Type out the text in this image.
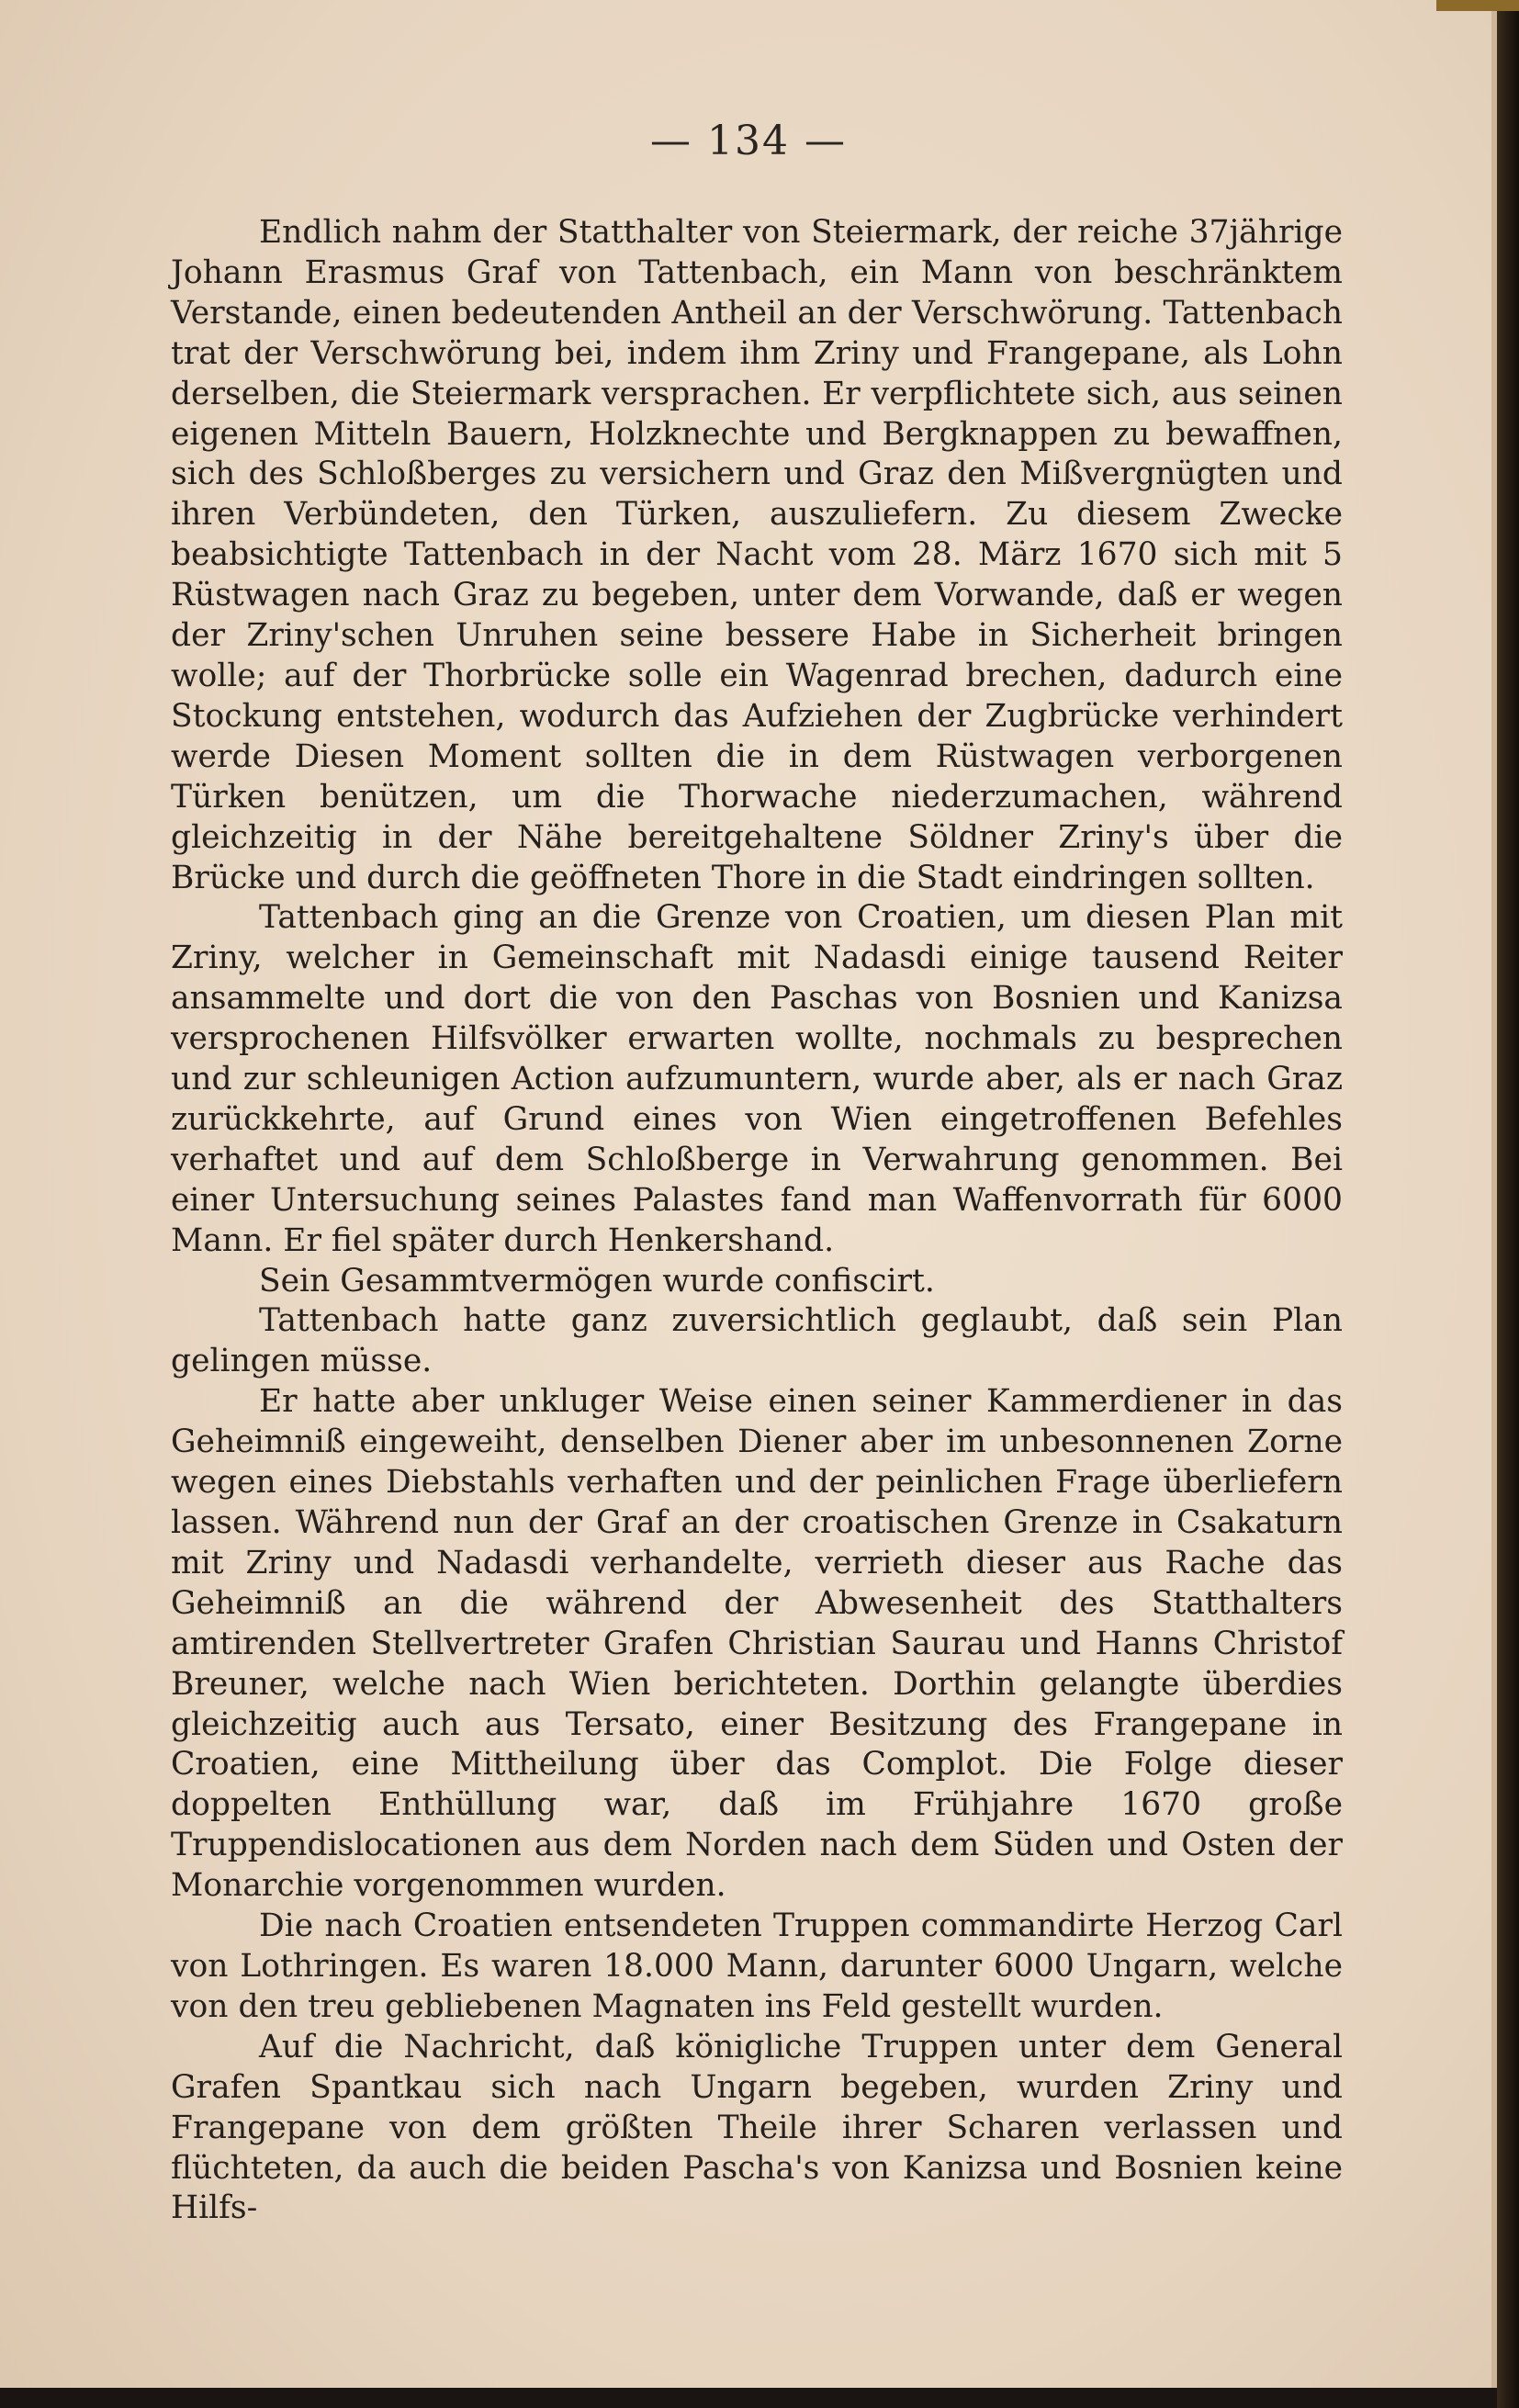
— 134 —

Endlich nahm der Statthalter von Steiermark, der reiche 37jährige Johann Erasmus Graf von Tattenbach, ein Mann von beschränktem Verstande, einen bedeutenden Antheil an der Verschwörung. Tattenbach trat der Verschwörung bei, indem ihm Zriny und Frangepane, als Lohn derselben, die Steiermark versprachen. Er verpflichtete sich, aus seinen eigenen Mitteln Bauern, Holzknechte und Bergknappen zu bewaffnen, sich des Schloßberges zu versichern und Graz den Mißvergnügten und ihren Verbündeten, den Türken, auszuliefern. Zu diesem Zwecke beabsichtigte Tattenbach in der Nacht vom 28. März 1670 sich mit 5 Rüstwagen nach Graz zu begeben, unter dem Vorwande, daß er wegen der Zriny'schen Unruhen seine bessere Habe in Sicherheit bringen wolle; auf der Thorbrücke solle ein Wagenrad brechen, dadurch eine Stockung entstehen, wodurch das Aufziehen der Zugbrücke verhindert werde Diesen Moment sollten die in dem Rüstwagen verborgenen Türken benützen, um die Thorwache niederzumachen, während gleichzeitig in der Nähe bereitgehaltene Söldner Zriny's über die Brücke und durch die geöffneten Thore in die Stadt eindringen sollten.

Tattenbach ging an die Grenze von Croatien, um diesen Plan mit Zriny, welcher in Gemeinschaft mit Nadasdi einige tausend Reiter ansammelte und dort die von den Paschas von Bosnien und Kanizsa versprochenen Hilfsvölker erwarten wollte, nochmals zu besprechen und zur schleunigen Action aufzumuntern, wurde aber, als er nach Graz zurückkehrte, auf Grund eines von Wien eingetroffenen Befehles verhaftet und auf dem Schloßberge in Verwahrung genommen. Bei einer Untersuchung seines Palastes fand man Waffenvorrath für 6000 Mann. Er fiel später durch Henkershand.

Sein Gesammtvermögen wurde confiscirt.

Tattenbach hatte ganz zuversichtlich geglaubt, daß sein Plan gelingen müsse.

Er hatte aber unkluger Weise einen seiner Kammerdiener in das Geheimniß eingeweiht, denselben Diener aber im unbesonnenen Zorne wegen eines Diebstahls verhaften und der peinlichen Frage überliefern lassen. Während nun der Graf an der croatischen Grenze in Csakaturn mit Zriny und Nadasdi verhandelte, verrieth dieser aus Rache das Geheimniß an die während der Abwesenheit des Statthalters amtirenden Stellvertreter Grafen Christian Saurau und Hanns Christof Breuner, welche nach Wien berichteten. Dorthin gelangte überdies gleichzeitig auch aus Tersato, einer Besitzung des Frangepane in Croatien, eine Mittheilung über das Complot. Die Folge dieser doppelten Enthüllung war, daß im Frühjahre 1670 große Truppendislocationen aus dem Norden nach dem Süden und Osten der Monarchie vorgenommen wurden.

Die nach Croatien entsendeten Truppen commandirte Herzog Carl von Lothringen. Es waren 18.000 Mann, darunter 6000 Ungarn, welche von den treu gebliebenen Magnaten ins Feld gestellt wurden.

Auf die Nachricht, daß königliche Truppen unter dem General Grafen Spantkau sich nach Ungarn begeben, wurden Zriny und Frangepane von dem größten Theile ihrer Scharen verlassen und flüchteten, da auch die beiden Pascha's von Kanizsa und Bosnien keine Hilfs-
